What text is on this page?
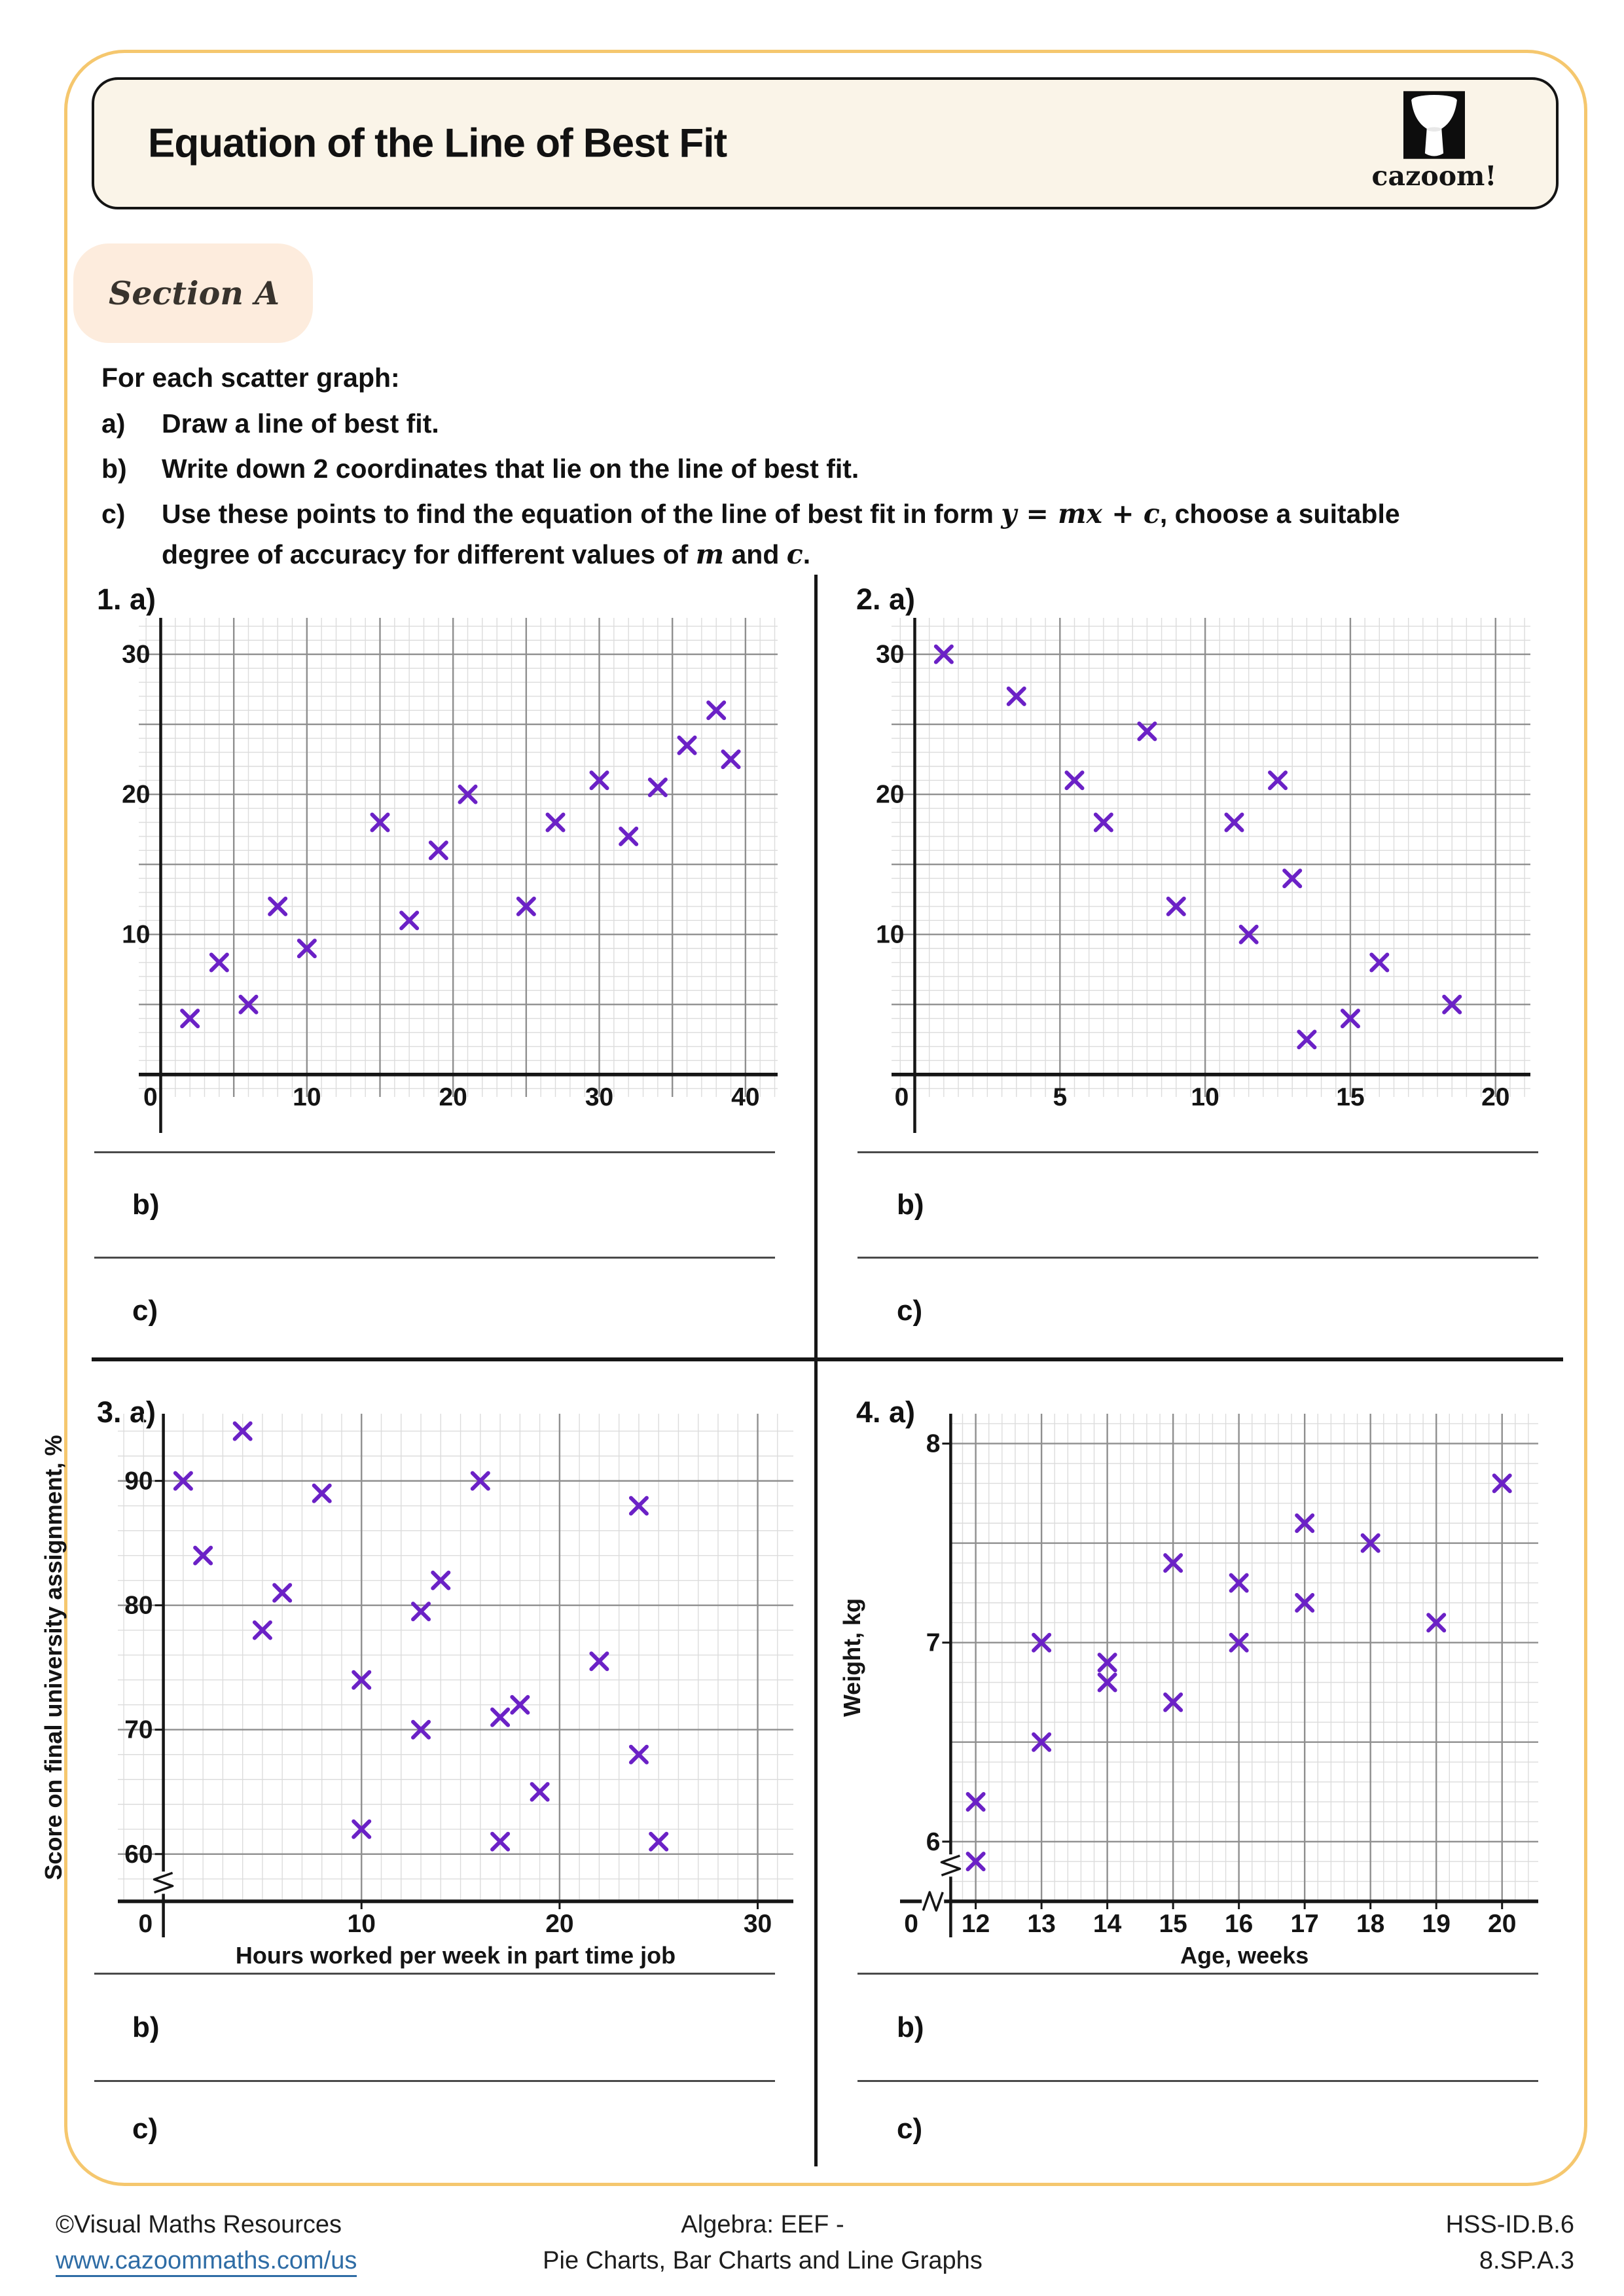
Equation of the Line of Best Fit
cazoom!
Section A

For each scatter graph:

a)	Draw a line of best fit.
b)	Write down 2 coordinates that lie on the line of best fit.
c)	Use these points to find the equation of the line of best fit in form y = mx + c, choose a suitable
degree of accuracy for different values of m and c.
1. a)
10	20	30	40
0
10
20
30
b)
c)
2. a)
5	10	15	20
0
10
20
30
b)
c)
3. a)
10	20	30
0
60
70
80
90
Hours worked per week in part time job
Score on final university assignment, %
b)
c)
4. a)
12 13 14 15 16 17 18 19 20
0
6
7
8
Age, weeks
Weight, kg
b)
c)
©Visual Maths Resources
www.cazoommaths.com/us
Algebra: EEF -
Pie Charts, Bar Charts and Line Graphs
HSS-ID.B.6
8.SP.A.3
